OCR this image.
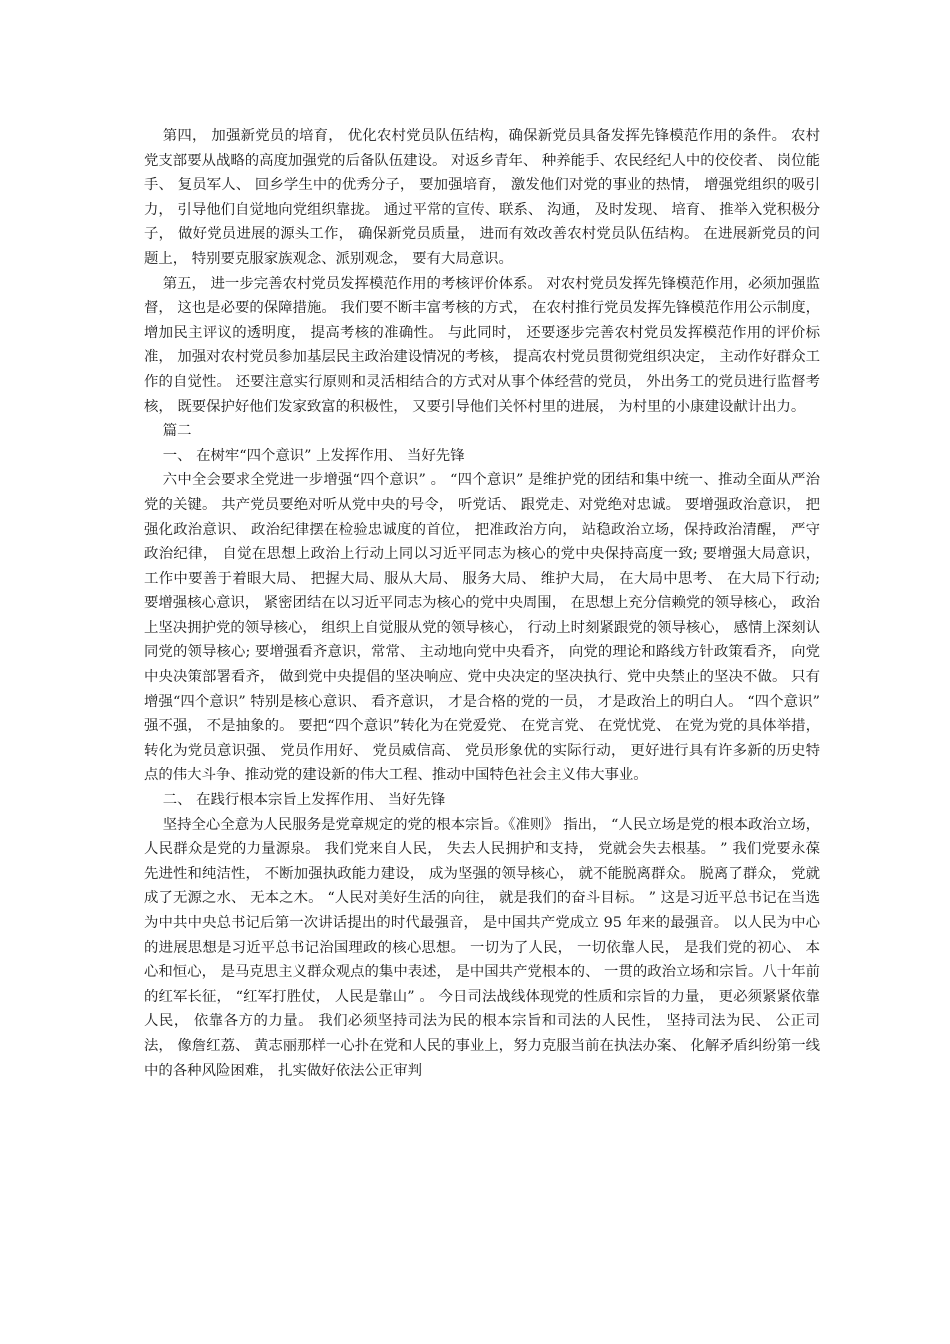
第四， 加强新党员的培育， 优化农村党员队伍结构，确保新党员具备发挥先锋模范作用的条件。 农村党支部要从战略的高度加强党的后备队伍建设。 对返乡青年、 种养能手、农民经纪人中的佼佼者、 岗位能手、 复员军人、 回乡学生中的优秀分子， 要加强培育， 激发他们对党的事业的热情， 增强党组织的吸引力， 引导他们自觉地向党组织靠拢。 通过平常的宣传、联系、 沟通， 及时发现、 培育、 推举入党积极分子， 做好党员进展的源头工作， 确保新党员质量， 进而有效改善农村党员队伍结构。 在进展新党员的问题上， 特别要克服家族观念、派别观念， 要有大局意识。

第五， 进一步完善农村党员发挥模范作用的考核评价体系。 对农村党员发挥先锋模范作用，必须加强监督， 这也是必要的保障措施。 我们要不断丰富考核的方式， 在农村推行党员发挥先锋模范作用公示制度， 增加民主评议的透明度， 提高考核的准确性。 与此同时， 还要逐步完善农村党员发挥模范作用的评价标准， 加强对农村党员参加基层民主政治建设情况的考核， 提高农村党员贯彻党组织决定， 主动作好群众工作的自觉性。 还要注意实行原则和灵活相结合的方式对从事个体经营的党员， 外出务工的党员进行监督考核， 既要保护好他们发家致富的积极性， 又要引导他们关怀村里的进展， 为村里的小康建设献计出力。

篇二

一、 在树牢“四个意识” 上发挥作用、 当好先锋

六中全会要求全党进一步增强“四个意识” 。 “四个意识” 是维护党的团结和集中统一、推动全面从严治党的关键。 共产党员要绝对听从党中央的号令， 听党话、 跟党走、对党绝对忠诚。 要增强政治意识， 把强化政治意识、 政治纪律摆在检验忠诚度的首位， 把准政治方向， 站稳政治立场，保持政治清醒， 严守政治纪律， 自觉在思想上政治上行动上同以习近平同志为核心的党中央保持高度一致; 要增强大局意识， 工作中要善于着眼大局、 把握大局、服从大局、 服务大局、 维护大局， 在大局中思考、 在大局下行动; 要增强核心意识， 紧密团结在以习近平同志为核心的党中央周围， 在思想上充分信赖党的领导核心， 政治上坚决拥护党的领导核心， 组织上自觉服从党的领导核心， 行动上时刻紧跟党的领导核心， 感情上深刻认同党的领导核心; 要增强看齐意识，常常、 主动地向党中央看齐， 向党的理论和路线方针政策看齐， 向党中央决策部署看齐， 做到党中央提倡的坚决响应、党中央决定的坚决执行、党中央禁止的坚决不做。 只有增强“四个意识” 特别是核心意识、 看齐意识， 才是合格的党的一员， 才是政治上的明白人。 “四个意识” 强不强， 不是抽象的。 要把“四个意识”转化为在党爱党、 在党言党、 在党忧党、 在党为党的具体举措， 转化为党员意识强、 党员作用好、 党员威信高、 党员形象优的实际行动， 更好进行具有许多新的历史特点的伟大斗争、推动党的建设新的伟大工程、推动中国特色社会主义伟大事业。

二、 在践行根本宗旨上发挥作用、 当好先锋

坚持全心全意为人民服务是党章规定的党的根本宗旨。《准则》 指出， “人民立场是党的根本政治立场， 人民群众是党的力量源泉。 我们党来自人民， 失去人民拥护和支持， 党就会失去根基。 ” 我们党要永葆先进性和纯洁性， 不断加强执政能力建设， 成为坚强的领导核心， 就不能脱离群众。 脱离了群众， 党就成了无源之水、 无本之木。 “人民对美好生活的向往， 就是我们的奋斗目标。 ” 这是习近平总书记在当选为中共中央总书记后第一次讲话提出的时代最强音， 是中国共产党成立 95 年来的最强音。 以人民为中心的进展思想是习近平总书记治国理政的核心思想。 一切为了人民， 一切依靠人民， 是我们党的初心、 本心和恒心， 是马克思主义群众观点的集中表述， 是中国共产党根本的、 一贯的政治立场和宗旨。八十年前的红军长征， “红军打胜仗， 人民是靠山” 。 今日司法战线体现党的性质和宗旨的力量， 更必须紧紧依靠人民， 依靠各方的力量。 我们必须坚持司法为民的根本宗旨和司法的人民性， 坚持司法为民、 公正司法， 像詹红荔、 黄志丽那样一心扑在党和人民的事业上，努力克服当前在执法办案、 化解矛盾纠纷第一线中的各种风险困难， 扎实做好依法公正审判
